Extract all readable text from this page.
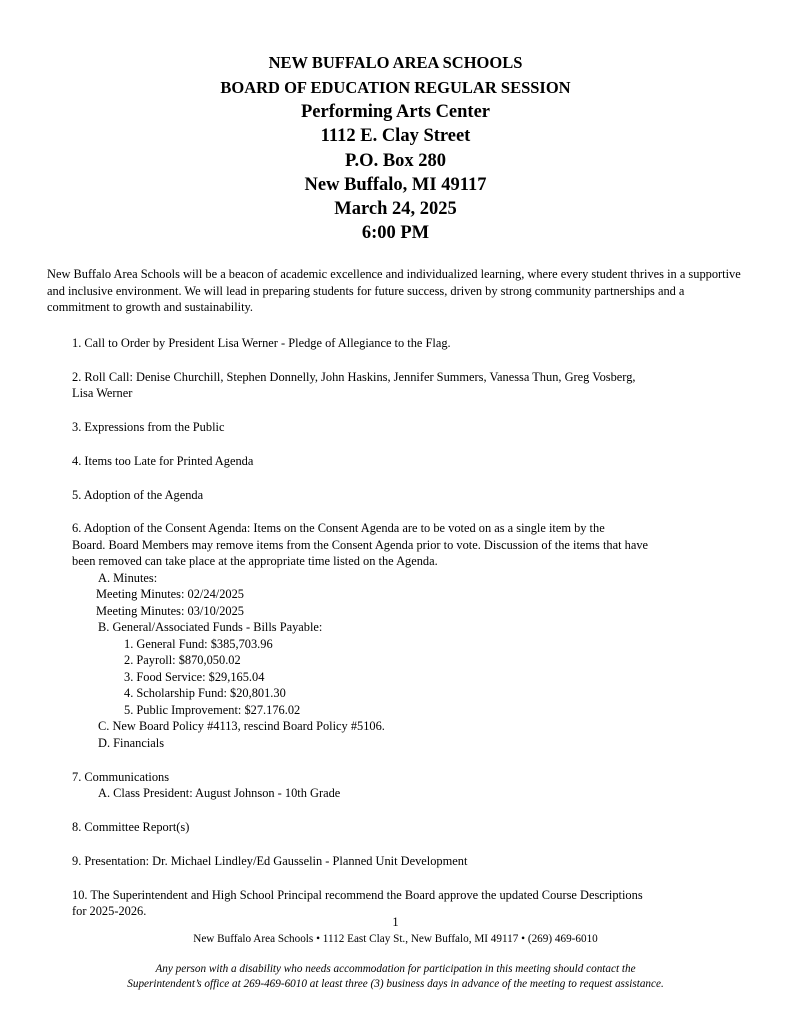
NEW BUFFALO AREA SCHOOLS
BOARD OF EDUCATION REGULAR SESSION
Performing Arts Center
1112 E. Clay Street
P.O. Box 280
New Buffalo, MI 49117
March 24, 2025
6:00 PM
New Buffalo Area Schools will be a beacon of academic excellence and individualized learning, where every student thrives in a supportive and inclusive environment. We will lead in preparing students for future success, driven by strong community partnerships and a commitment to growth and sustainability.

1. Call to Order by President Lisa Werner - Pledge of Allegiance to the Flag.

2. Roll Call: Denise Churchill, Stephen Donnelly, John Haskins, Jennifer Summers, Vanessa Thun, Greg Vosberg,

Lisa Werner

3. Expressions from the Public

4. Items too Late for Printed Agenda

5. Adoption of the Agenda

6. Adoption of the Consent Agenda: Items on the Consent Agenda are to be voted on as a single item by the

Board. Board Members may remove items from the Consent Agenda prior to vote. Discussion of the items that have

been removed can take place at the appropriate time listed on the Agenda.

A. Minutes:

Meeting Minutes: 02/24/2025

Meeting Minutes: 03/10/2025

B. General/Associated Funds - Bills Payable:

1. General Fund: $385,703.96

2. Payroll: $870,050.02

3. Food Service: $29,165.04

4. Scholarship Fund: $20,801.30

5. Public Improvement: $27.176.02

C. New Board Policy #4113, rescind Board Policy #5106.

D. Financials

7. Communications

A. Class President: August Johnson - 10th Grade

8. Committee Report(s)

9. Presentation: Dr. Michael Lindley/Ed Gausselin - Planned Unit Development

10. The Superintendent and High School Principal recommend the Board approve the updated Course Descriptions

for 2025-2026.

1
New Buffalo Area Schools • 1112 East Clay St., New Buffalo, MI 49117 • (269) 469-6010
Any person with a disability who needs accommodation for participation in this meeting should contact the
Superintendent’s office at 269-469-6010 at least three (3) business days in advance of the meeting to request assistance.
